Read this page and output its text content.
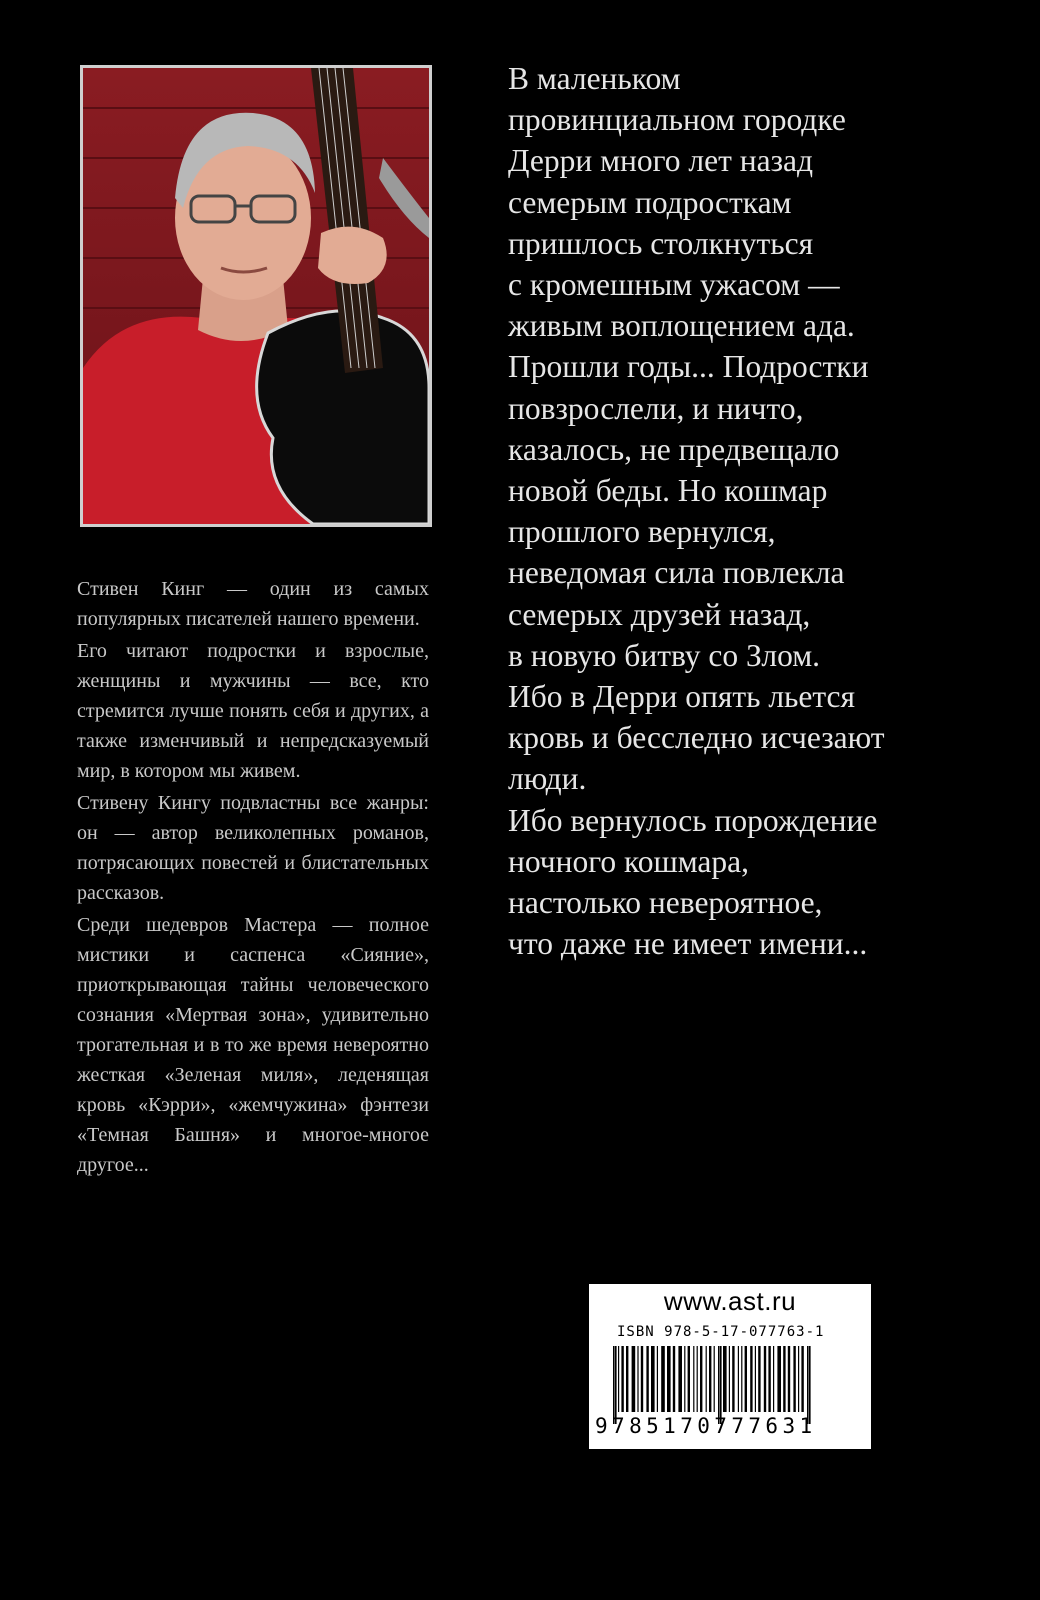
Стивен Кинг — один из самых популярных писателей нашего времени.

Его читают подростки и взрослые, женщины и мужчины — все, кто стремится лучше понять себя и других, а также изменчивый и непредсказуемый мир, в котором мы живем.

Стивену Кингу подвластны все жанры: он — автор великолепных романов, потрясающих повестей и блистательных рассказов.

Среди шедевров Мастера — полное мистики и саспенса «Сияние», приоткрывающая тайны человеческого сознания «Мертвая зона», удивительно трогательная и в то же время невероятно жесткая «Зеленая миля», леденящая кровь «Кэрри», «жемчужина» фэнтези «Темная Башня» и многое-многое другое...

В маленьком
провинциальном городке
Дерри много лет назад
семерым подросткам
пришлось столкнуться
с кромешным ужасом —
живым воплощением ада.
Прошли годы... Подростки
повзрослели, и ничто,
казалось, не предвещало
новой беды. Но кошмар
прошлого вернулся,
неведомая сила повлекла
семерых друзей назад,
в новую битву со Злом.
Ибо в Дерри опять льется
кровь и бесследно исчезают
люди.
Ибо вернулось порождение
ночного кошмара,
настолько невероятное,
что даже не имеет имени...

www.ast.ru
ISBN 978-5-17-077763-1
9785170777631
